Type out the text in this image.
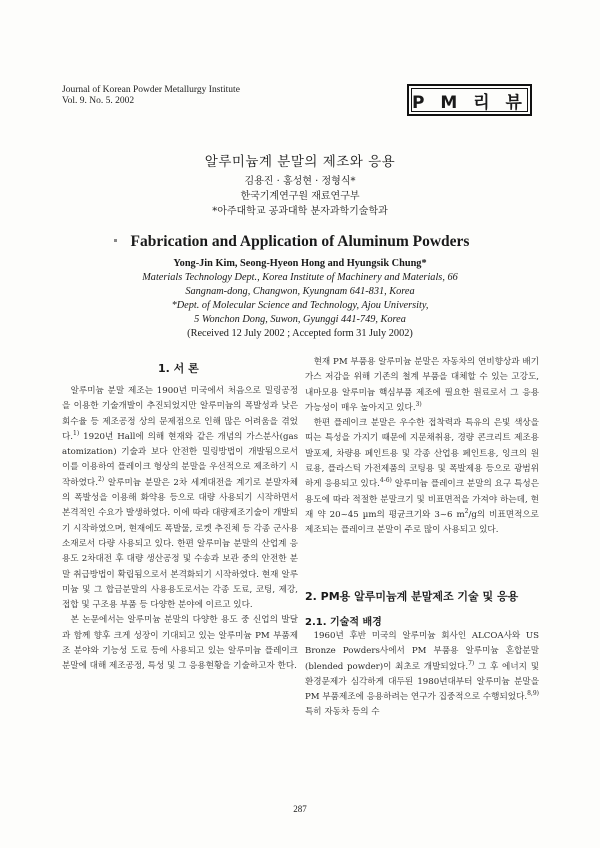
Journal of Korean Powder Metallurgy Institute
Vol. 9. No. 5. 2002	P M 리 뷰
알루미늄계 분말의 제조와 응용
김용진 · 홍성현 · 정형식*
한국기계연구원 재료연구부
*아주대학교 공과대학 분자과학기술학과
Fabrication and Application of Aluminum Powders
Yong-Jin Kim, Seong-Hyeon Hong and Hyungsik Chung*
Materials Technology Dept., Korea Institute of Machinery and Materials, 66
Sangnam-dong, Changwon, Kyungnam 641-831, Korea
*Dept. of Molecular Science and Technology, Ajou University,
5 Wonchon Dong, Suwon, Gyunggi 441-749, Korea
(Received 12 July 2002 ; Accepted form 31 July 2002)
1. 서 론

알루미늄 분말 제조는 1900년 미국에서 처음으로 밀링공정을 이용한 기술개발이 추진되었지만 알루미늄의 폭발성과 낮은 회수율 등 제조공정 상의 문제점으로 인해 많은 어려움을 겪었다.$^{1)}$ 1920년 Hall에 의해 현재와 같은 개념의 가스분사(gas atomization) 기술과 보다 안전한 밀링방법이 개발됨으로서 이를 이용하여 플레이크 형상의 분말을 우선적으로 제조하기 시작하였다.$^{2)}$ 알루미늄 분말은 2차 세계대전을 계기로 분말자체의 폭발성을 이용해 화약용 등으로 대량 사용되기 시작하면서 본격적인 수요가 발생하였다. 이에 따라 대량제조기술이 개발되기 시작하였으며, 현재에도 폭발물, 로켓 추진체 등 각종 군사용 소재로서 다량 사용되고 있다. 한편 알루미늄 분말의 산업계 응용도 2차대전 후 대량 생산공정 및 수송과 보관 중의 안전한 분말 취급방법이 확립됨으로서 본격화되기 시작하였다. 현재 알루미늄 및 그 합금분말의 사용용도로서는 각종 도료, 코팅, 제강, 접합 및 구조용 부품 등 다양한 분야에 이르고 있다.

본 논문에서는 알루미늄 분말의 다양한 용도 중 신업의 발달과 함께 향후 크게 성장이 기대되고 있는 알루미늄 PM 부품제조 분야와 기능성 도료 등에 사용되고 있는 알루미늄 플레이크 분말에 대해 제조공정, 특성 및 그 응용현황을 기술하고자 한다.

현재 PM 부품용 알루미늄 분말은 자동차의 연비향상과 배기가스 저감을 위해 기존의 철계 부품을 대체할 수 있는 고강도, 내마모용 알루미늄 핵심부품 제조에 필요한 원료로서 그 응용가능성이 매우 높아지고 있다.$^{3)}$

한편 플레이크 분말은 우수한 접착력과 특유의 은빛 색상을 띠는 특성을 가지기 때문에 지문채취용, 경량 콘크리트 제조용 발포제, 차량용 페인트용 및 각종 산업용 페인트용, 잉크의 원료용, 플라스틱 가전제품의 코팅용 및 폭발제용 등으로 광범위하게 응용되고 있다.$^{4-6)}$ 알루미늄 플레이크 분말의 요구 특성은 용도에 따라 적절한 분말크기 및 비표면적을 가져야 하는데, 현재 약 20~45 µm의 평균크기와 3~6 $m^2/g$의 비표면적으로 제조되는 플레이크 분말이 주로 많이 사용되고 있다.

2. PM용 알루미늄계 분말제조 기술 및 응용
2.1. 기술적 배경

1960년 후반 미국의 알루미늄 회사인 ALCOA사와 US Bronze Powders사에서 PM 부품용 알루미늄 혼합분말(blended powder)이 최초로 개발되었다.$^{7)}$ 그 후 에너지 및 환경문제가 심각하게 대두된 1980년대부터 알루미늄 분말을 PM 부품제조에 응용하려는 연구가 집중적으로 수행되었다.$^{8,9)}$ 특히 자동차 등의 수

287
